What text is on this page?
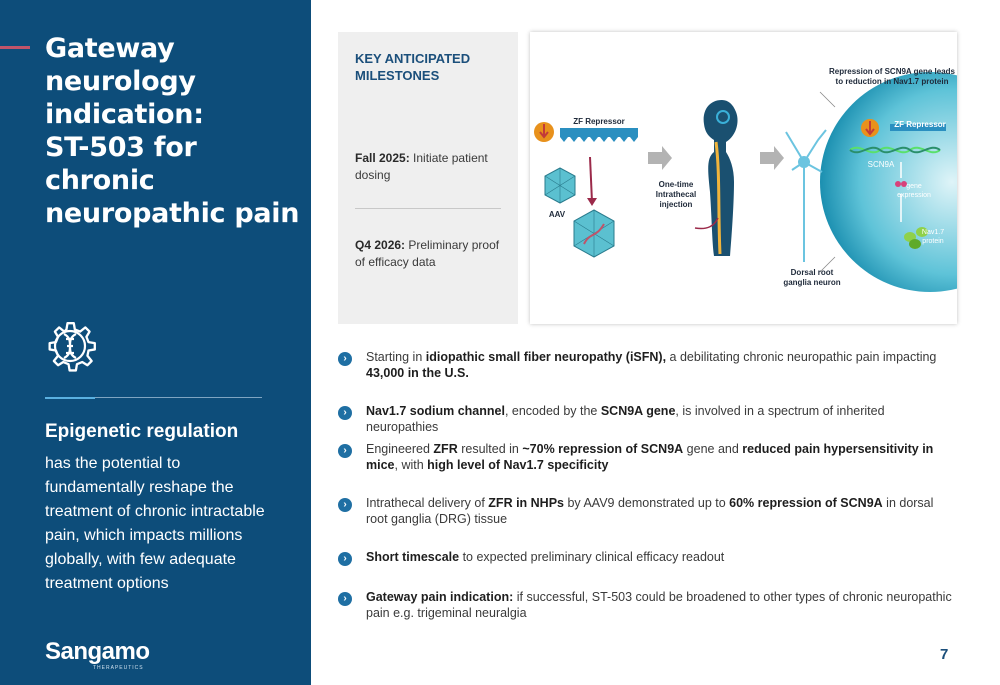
Gateway neurology
indication:
ST-503 for chronic
neuropathic pain
Epigenetic regulation
has the potential to fundamentally reshape the treatment of chronic intractable pain, which impacts millions globally, with few adequate treatment options
Sangamo
THERAPEUTICS
KEY ANTICIPATED MILESTONES
Fall 2025: Initiate patient dosing
Q4 2026: Preliminary proof of efficacy data
Repression of SCN9A gene leads to reduction in Nav1.7 protein
ZF Repressor
AAV
One-time Intrathecal injection
Dorsal root ganglia neuron
ZF Repressor
SCN9A
gene expression
Nav1.7 protein
›	Starting in idiopathic small fiber neuropathy (iSFN), a debilitating chronic neuropathic pain impacting 43,000 in the U.S.
›	Nav1.7 sodium channel, encoded by the SCN9A gene, is involved in a spectrum of inherited neuropathies
›	Engineered ZFR resulted in ~70% repression of SCN9A gene and reduced pain hypersensitivity in mice, with high level of Nav1.7 specificity
›	Intrathecal delivery of ZFR in NHPs by AAV9 demonstrated up to 60% repression of SCN9A in dorsal root ganglia (DRG) tissue
›	Short timescale to expected preliminary clinical efficacy readout
›	Gateway pain indication: if successful, ST-503 could be broadened to other types of chronic neuropathic pain e.g. trigeminal neuralgia
7
